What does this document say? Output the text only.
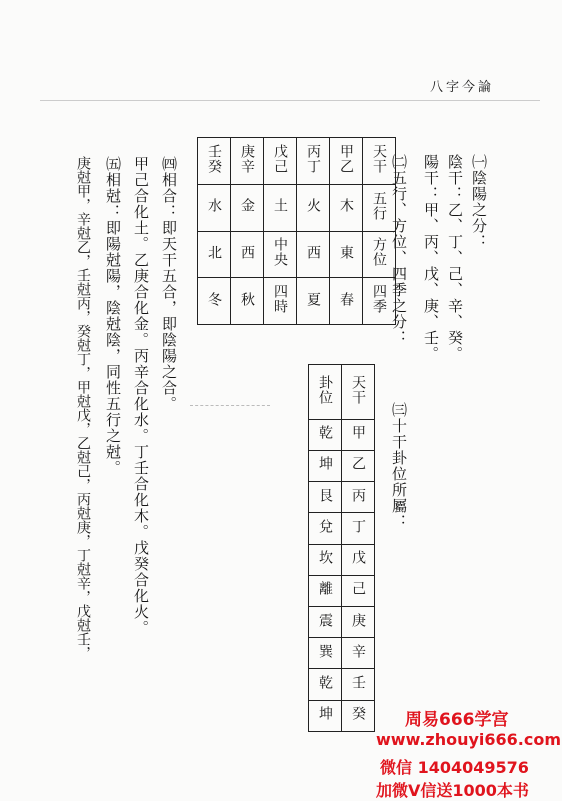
八字今論
㈠陰陽之分：
陰干：乙、丁、己、辛、癸。
陽干：甲、丙、戊、庚、壬。
㈡五行、方位、四季之分：
壬癸	庚辛	戊己	丙丁	甲乙	天干
水	金	土	火	木	五行
北	西	中央	西	東	方位
冬	秋	四時	夏	春	四季
㈣相合：即天干五合，即陰陽之合。
甲己合化土。乙庚合化金。丙辛合化水。丁壬合化木。戊癸合化火。
㈤相尅：即陽尅陽，陰尅陰，同性五行之尅。
庚尅甲，辛尅乙，壬尅丙，癸尅丁，甲尅戊，乙尅己，丙尅庚，丁尅辛，戊尅壬，	㈢十干卦位所屬：
卦位	天干
乾	甲
坤	乙
艮	丙
兌	丁
坎	戊
離	己
震	庚
巽	辛
乾	壬
坤	癸 周易666学宫
www.zhouyi666.com
微信 1404049576
加微V信送1000本书
